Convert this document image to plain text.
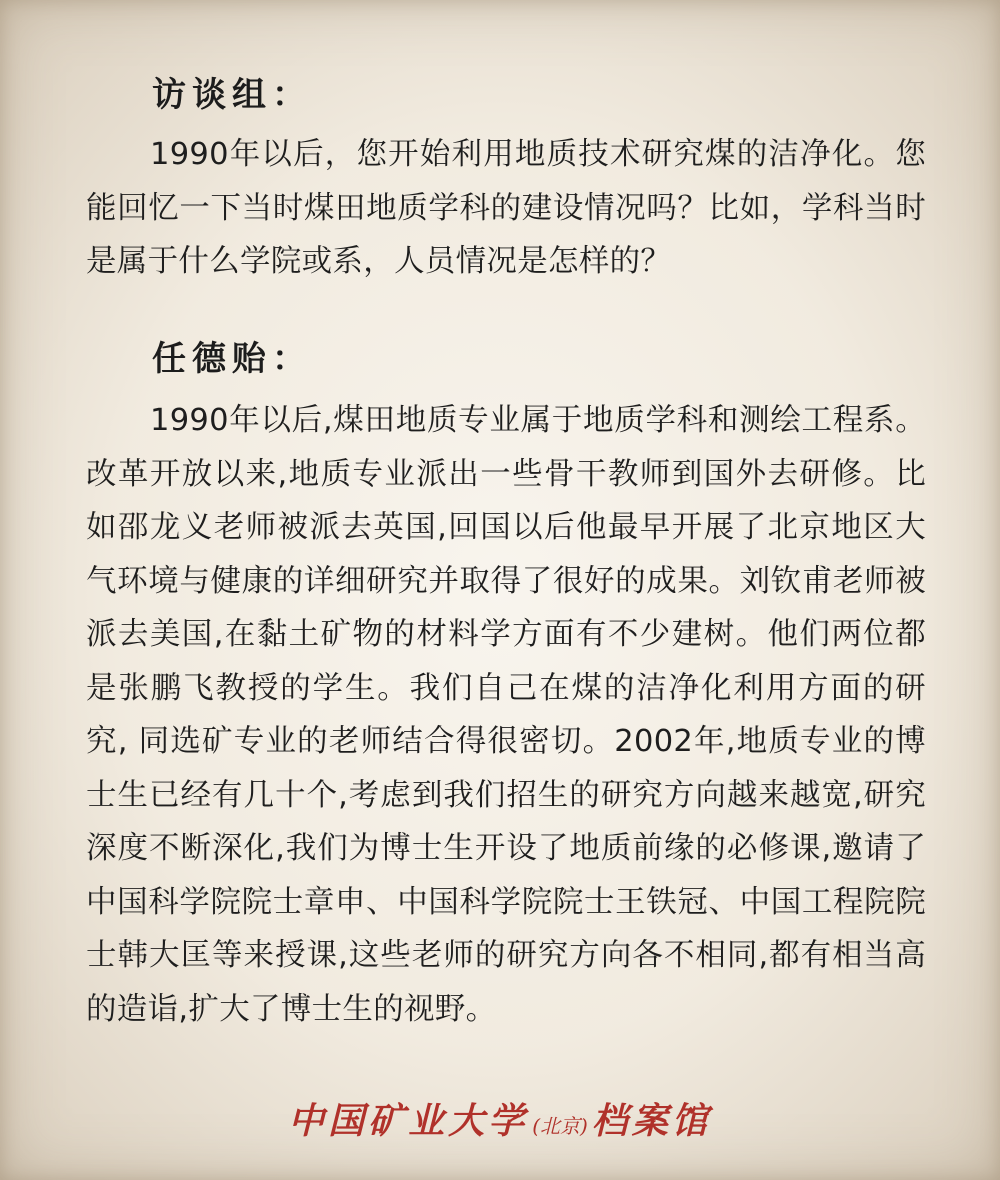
访谈组：

1990年以后，您开始利用地质技术研究煤的洁净化。您能回忆一下当时煤田地质学科的建设情况吗？比如，学科当时是属于什么学院或系，人员情况是怎样的？

任德贻：

1990年以后,煤田地质专业属于地质学科和测绘工程系。改革开放以来,地质专业派出一些骨干教师到国外去研修。比如邵龙义老师被派去英国,回国以后他最早开展了北京地区大气环境与健康的详细研究并取得了很好的成果。刘钦甫老师被派去美国,在黏土矿物的材料学方面有不少建树。他们两位都是张鹏飞教授的学生。我们自己在煤的洁净化利用方面的研究, 同选矿专业的老师结合得很密切。2002年,地质专业的博士生已经有几十个,考虑到我们招生的研究方向越来越宽,研究深度不断深化,我们为博士生开设了地质前缘的必修课,邀请了中国科学院院士章申、中国科学院院士王铁冠、中国工程院院士韩大匡等来授课,这些老师的研究方向各不相同,都有相当高的造诣,扩大了博士生的视野。

中国矿业大学 (北京) 档案馆
